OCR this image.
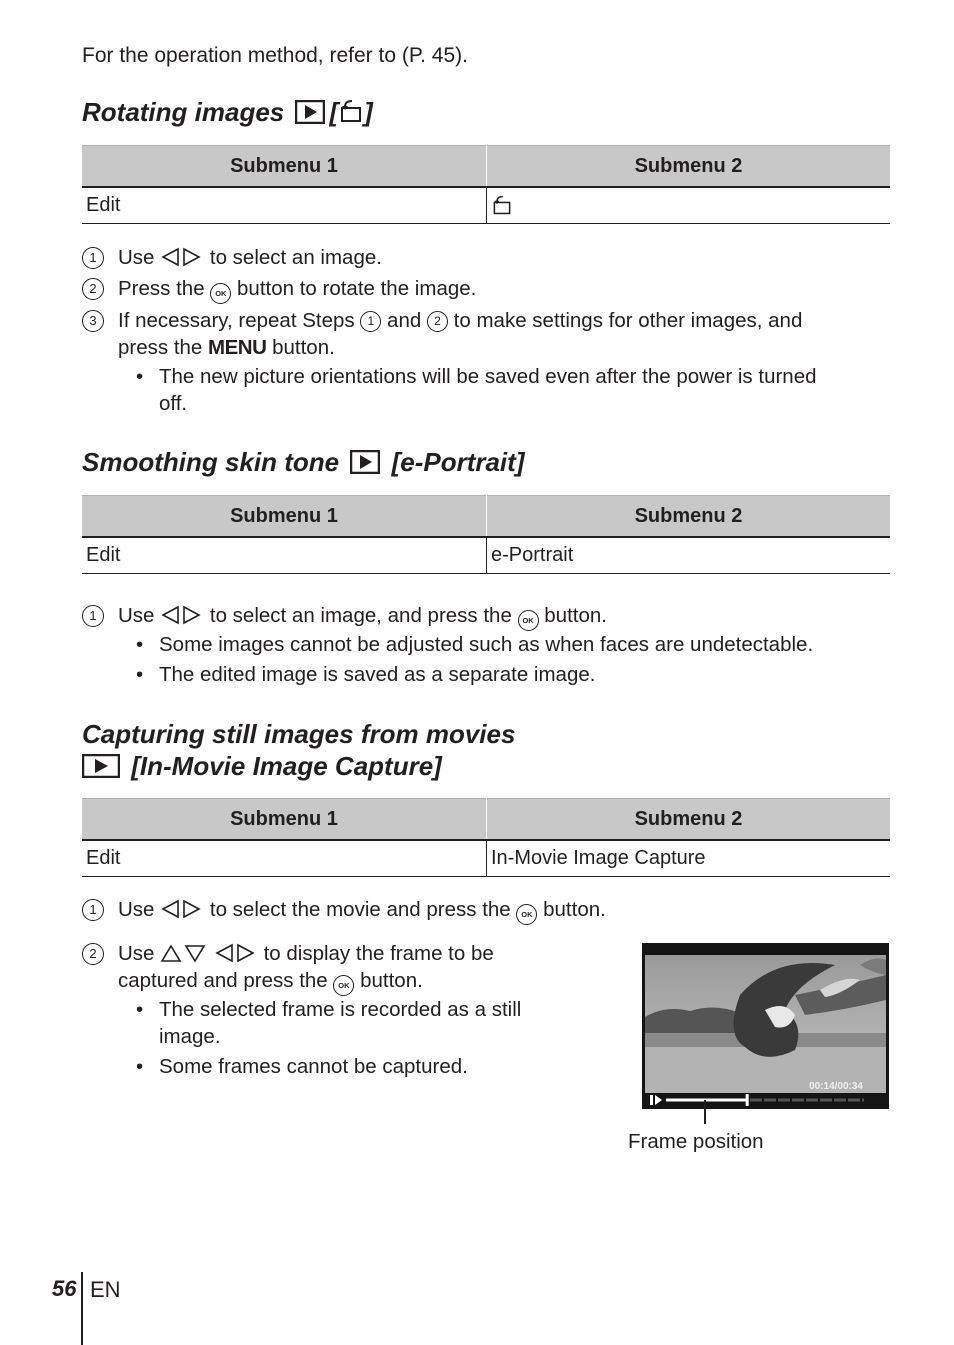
For the operation method, refer to (P. 45).
Rotating images [ ]
Submenu 1	Submenu 2
Edit	
1	Use	to select an image.
2	Press the OK button to rotate the image.
3	If necessary, repeat Steps 1 and 2 to make settings for other images, and
press the MENU button.
• The new picture orientations will be saved even after the power is turned
off.
Smoothing skin tone [e-Portrait]
Submenu 1	Submenu 2
Edit	e-Portrait
1	Use	to select an image, and press the OK button.
• Some images cannot be adjusted such as when faces are undetectable.
• The edited image is saved as a separate image.
Capturing still images from movies
[In-Movie Image Capture]
Submenu 1	Submenu 2
Edit	In-Movie Image Capture
1	Use	to select the movie and press the OK button.
2	Use	to display the frame to be
captured and press the OK button.
• The selected frame is recorded as a still
image.
• Some frames cannot be captured.
00:14/00:34
Frame position
56 EN
